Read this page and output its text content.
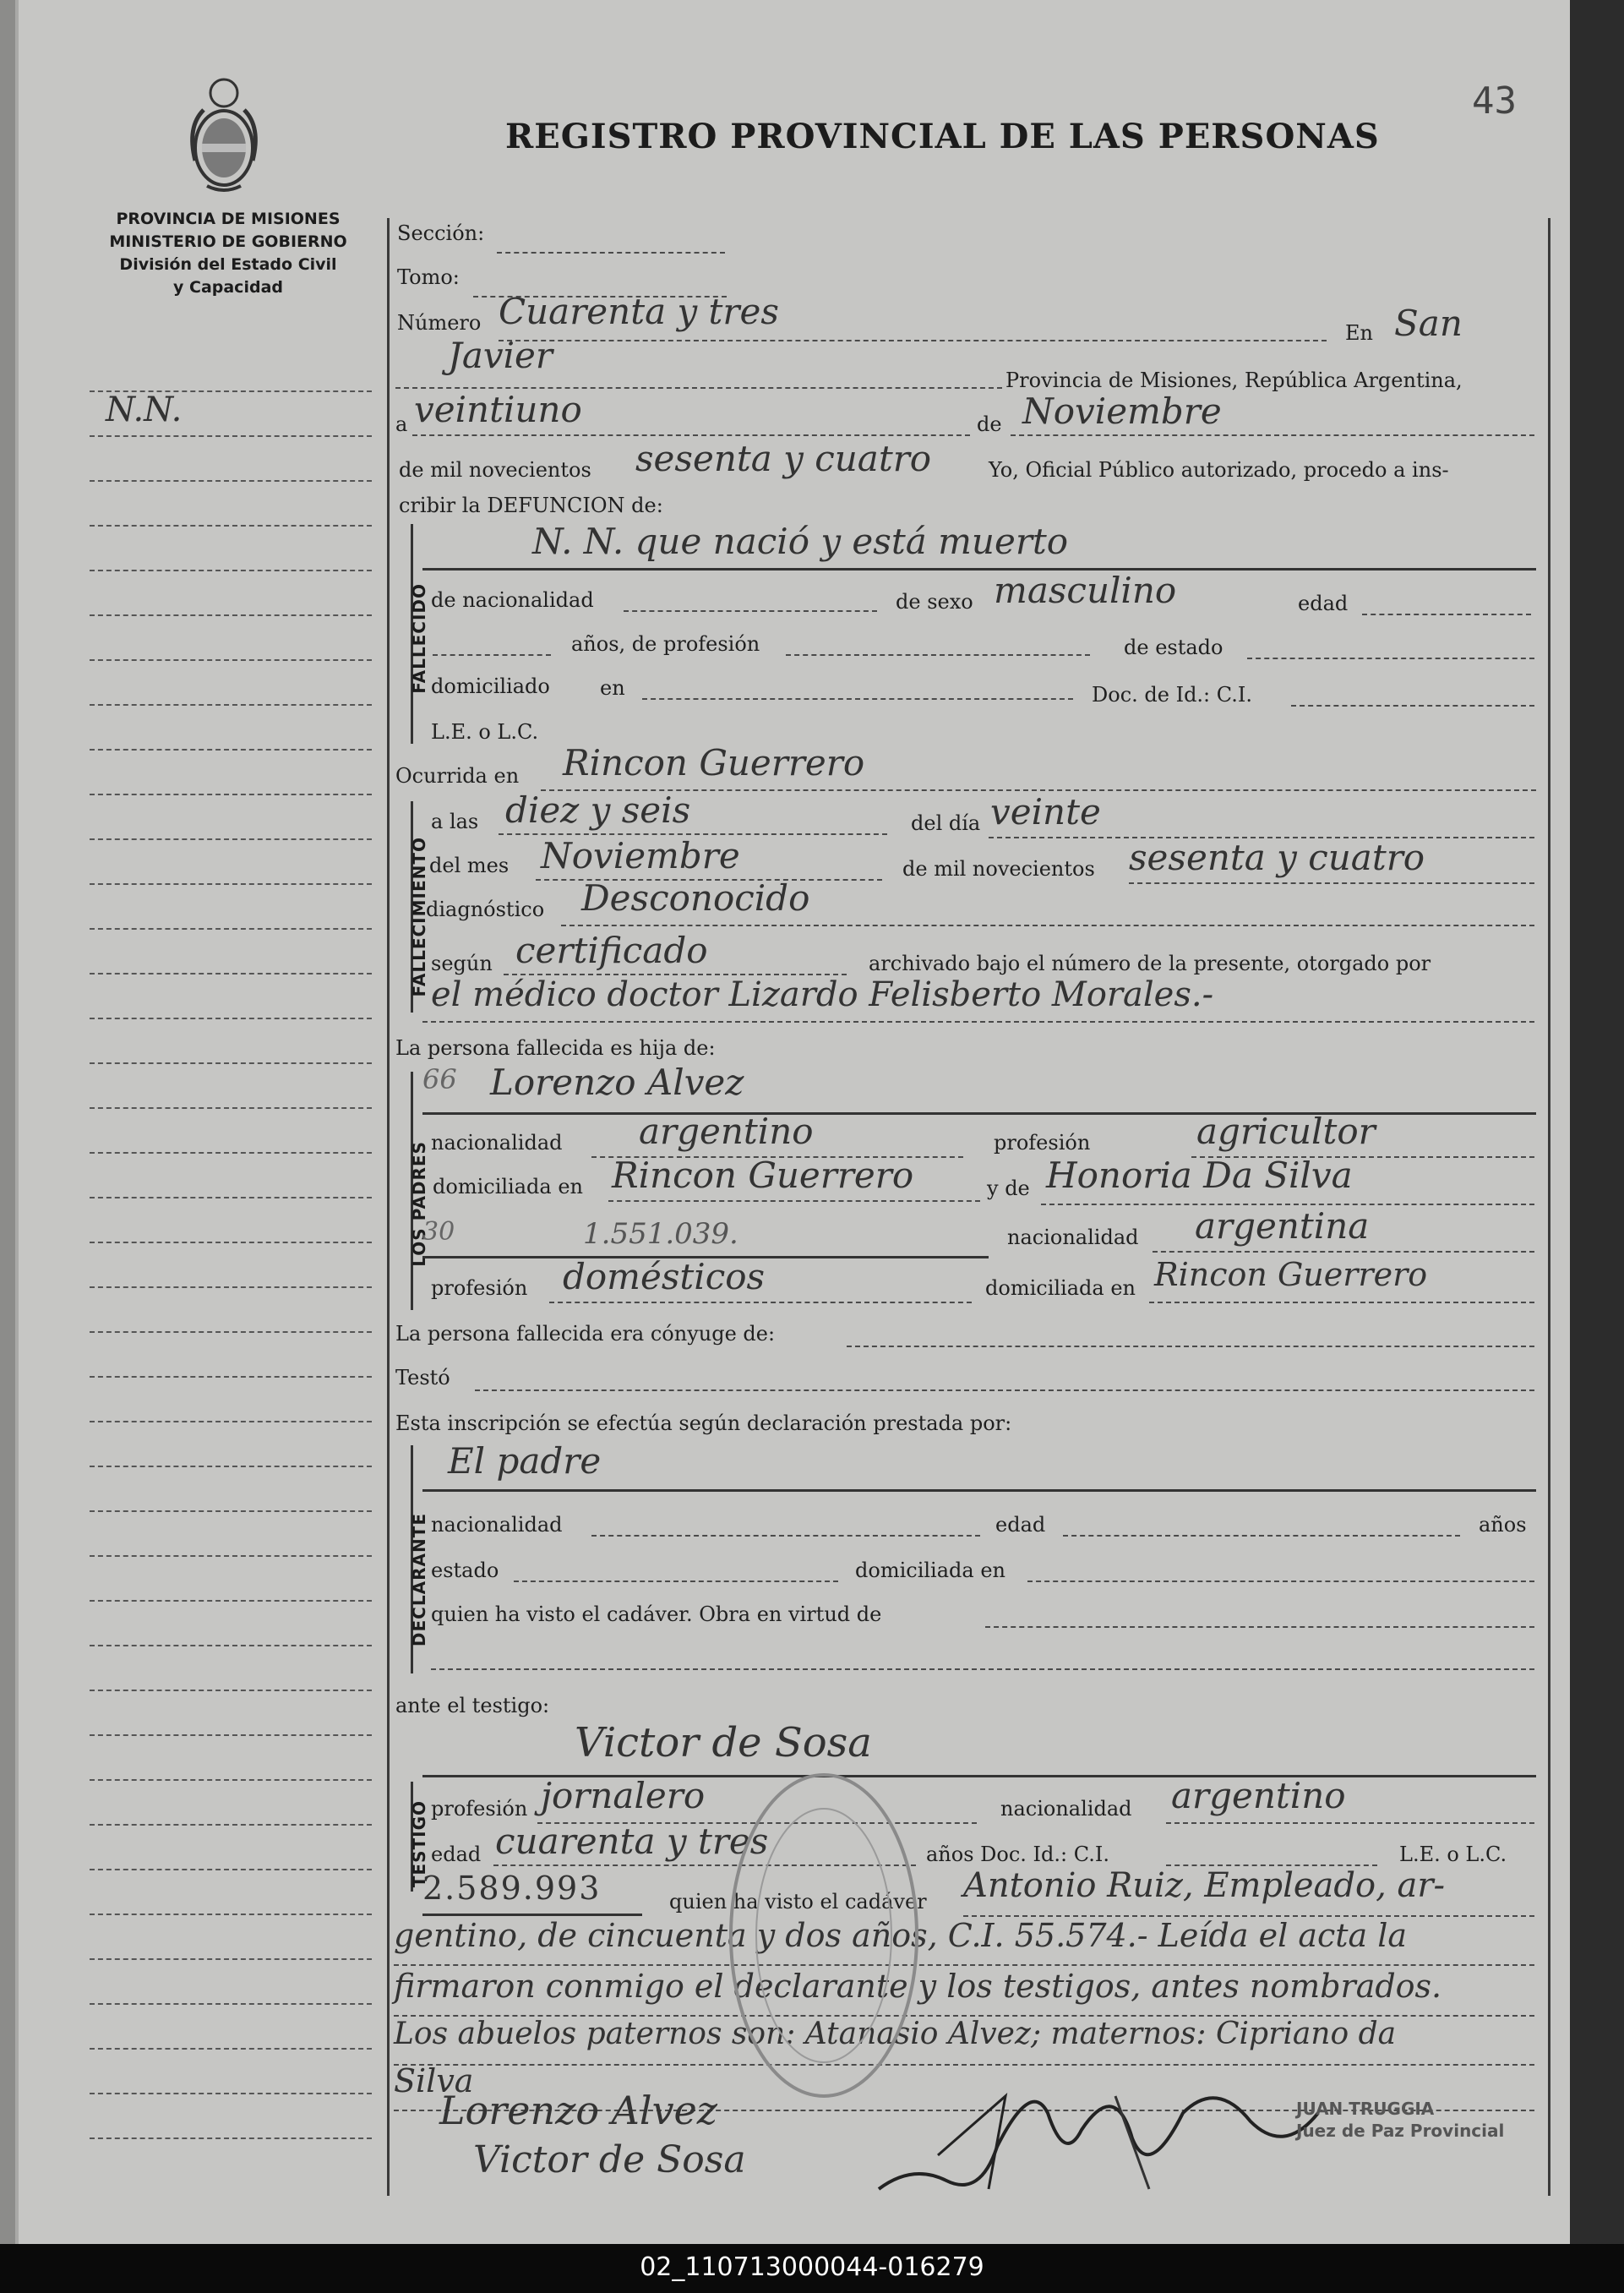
PROVINCIA DE MISIONES
MINISTERIO DE GOBIERNO
División del Estado Civil
y Capacidad
N.N.
43
REGISTRO PROVINCIAL DE LAS PERSONAS
Sección:
Tomo:
Número Cuarenta y tres
En San
Javier
Provincia de Misiones, República Argentina,
a veintiuno	de Noviembre
de mil novecientos sesenta y cuatro	Yo, Oficial Público autorizado, procedo a ins-
cribir la DEFUNCION de:
FALLECIDO
N. N. que nació y está muerto
de nacionalidad	de sexo masculino	edad
años, de profesión	de estado
domiciliado en	Doc. de Id.: C.I.
L.E. o L.C.
Ocurrida en Rincon Guerrero
FALLECIMIENTO
a las diez y seis	del día veinte
del mes Noviembre	de mil novecientos sesenta y cuatro
diagnóstico Desconocido
según certificado	archivado bajo el número de la presente, otorgado por
el médico doctor Lizardo Felisberto Morales.-
La persona fallecida es hija de:
LOS PADRES
66 Lorenzo Alvez
nacionalidad argentino	profesión	agricultor
domiciliada en Rincon Guerrero	y de Honoria Da Silva
30	1.551.039.	nacionalidad argentina
profesión domésticos	domiciliada en Rincon Guerrero
La persona fallecida era cónyuge de:
Testó
Esta inscripción se efectúa según declaración prestada por:
DECLARANTE
El padre
nacionalidad	edad	años
estado	domiciliada en
quien ha visto el cadáver. Obra en virtud de
ante el testigo:
Victor de Sosa
TESTIGO profesión jornalero	nacionalidad argentino
edad cuarenta y tres	años Doc. Id.: C.I.	L.E. o L.C.
2.589.993	quien ha visto el cadáver Antonio Ruiz, Empleado, ar-
gentino, de cincuenta y dos años, C.I. 55.574.- Leída el acta la
firmaron conmigo el declarante y los testigos, antes nombrados.
Los abuelos paternos son: Atanasio Alvez; maternos: Cipriano da
Silva
Lorenzo Alvez
Victor de Sosa
JUAN TRUGGIA
Juez de Paz Provincial
02_110713000044-016279
